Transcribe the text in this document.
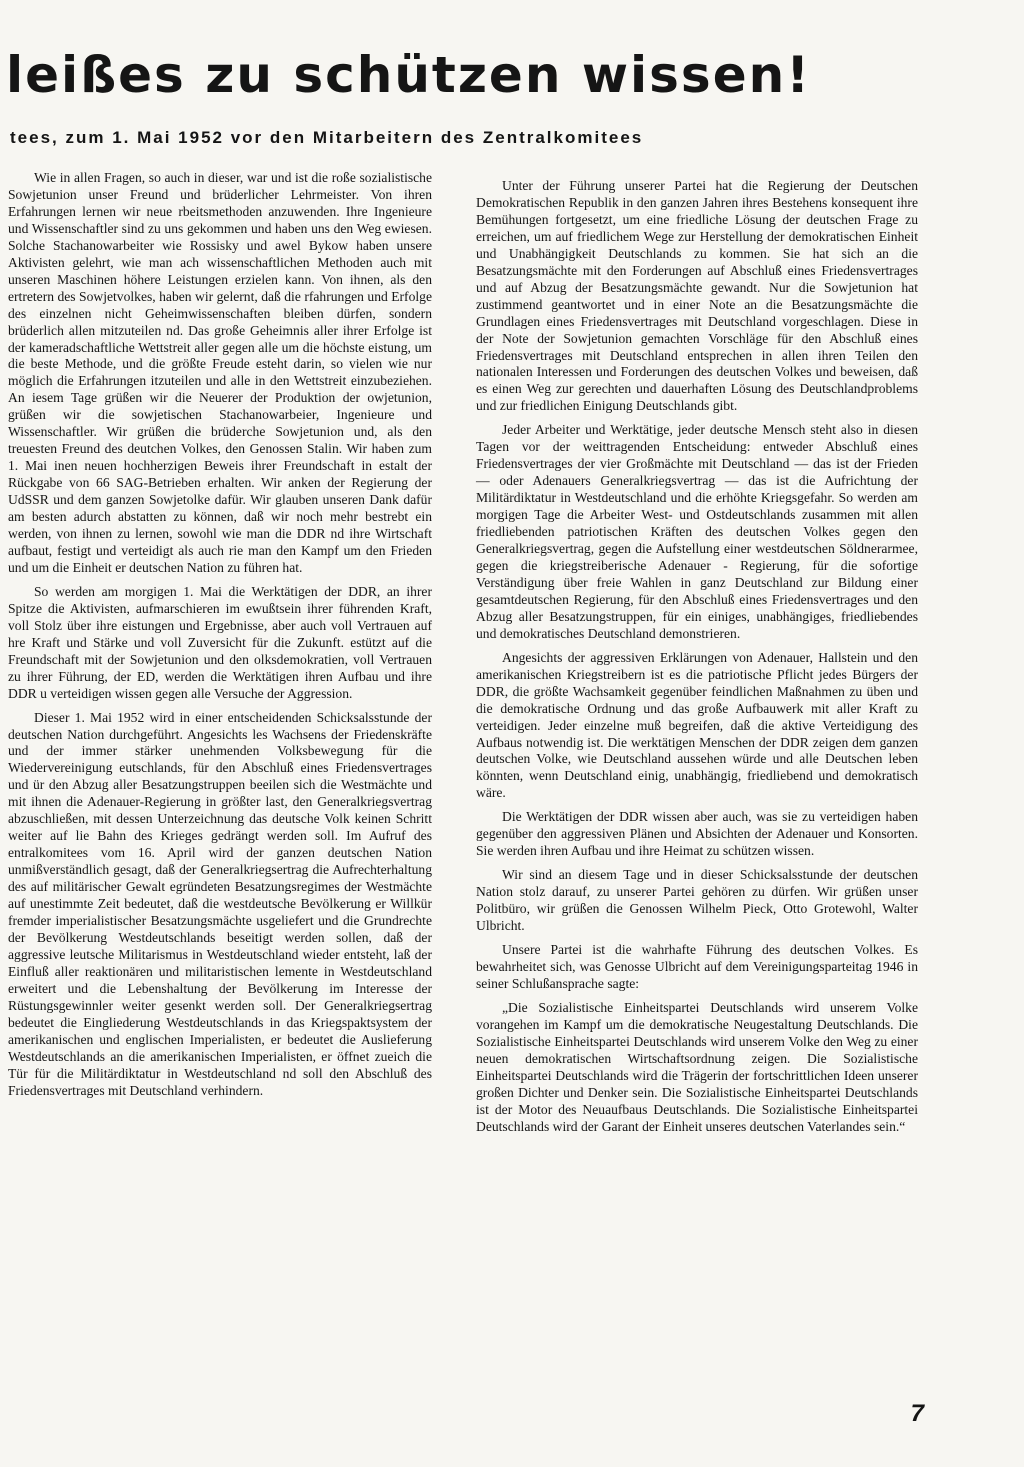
leißes zu schützen wissen!
tees, zum 1. Mai 1952 vor den Mitarbeitern des Zentralkomitees

Wie in allen Fragen, so auch in dieser, war und ist die roße sozialistische Sowjetunion unser Freund und brüderlicher Lehrmeister. Von ihren Erfahrungen lernen wir neue rbeitsmethoden anzuwenden. Ihre Ingenieure und Wissenschaftler sind zu uns gekommen und haben uns den Weg ewiesen. Solche Stachanowarbeiter wie Rossisky und awel Bykow haben unsere Aktivisten gelehrt, wie man ach wissenschaftlichen Methoden auch mit unseren Maschinen höhere Leistungen erzielen kann. Von ihnen, als den ertretern des Sowjetvolkes, haben wir gelernt, daß die rfahrungen und Erfolge des einzelnen nicht Geheimwissenschaften bleiben dürfen, sondern brüderlich allen mitzuteilen nd. Das große Geheimnis aller ihrer Erfolge ist der kameradschaftliche Wettstreit aller gegen alle um die höchste eistung, um die beste Methode, und die größte Freude esteht darin, so vielen wie nur möglich die Erfahrungen itzuteilen und alle in den Wettstreit einzubeziehen. An iesem Tage grüßen wir die Neuerer der Produktion der owjetunion, grüßen wir die sowjetischen Stachanowarbeier, Ingenieure und Wissenschaftler. Wir grüßen die brüderche Sowjetunion und, als den treuesten Freund des deutchen Volkes, den Genossen Stalin. Wir haben zum 1. Mai inen neuen hochherzigen Beweis ihrer Freundschaft in estalt der Rückgabe von 66 SAG-Betrieben erhalten. Wir anken der Regierung der UdSSR und dem ganzen Sowjetolke dafür. Wir glauben unseren Dank dafür am besten adurch abstatten zu können, daß wir noch mehr bestrebt ein werden, von ihnen zu lernen, sowohl wie man die DDR nd ihre Wirtschaft aufbaut, festigt und verteidigt als auch rie man den Kampf um den Frieden und um die Einheit er deutschen Nation zu führen hat.

So werden am morgigen 1. Mai die Werktätigen der DDR, an ihrer Spitze die Aktivisten, aufmarschieren im ewußtsein ihrer führenden Kraft, voll Stolz über ihre eistungen und Ergebnisse, aber auch voll Vertrauen auf hre Kraft und Stärke und voll Zuversicht für die Zukunft. estützt auf die Freundschaft mit der Sowjetunion und den olksdemokratien, voll Vertrauen zu ihrer Führung, der ED, werden die Werktätigen ihren Aufbau und ihre DDR u verteidigen wissen gegen alle Versuche der Aggression.

Dieser 1. Mai 1952 wird in einer entscheidenden Schicksalsstunde der deutschen Nation durchgeführt. Angesichts les Wachsens der Friedenskräfte und der immer stärker unehmenden Volksbewegung für die Wiedervereinigung eutschlands, für den Abschluß eines Friedensvertrages und ür den Abzug aller Besatzungstruppen beeilen sich die Westmächte und mit ihnen die Adenauer-Regierung in größter last, den Generalkriegsvertrag abzuschließen, mit dessen Unterzeichnung das deutsche Volk keinen Schritt weiter auf lie Bahn des Krieges gedrängt werden soll. Im Aufruf des entralkomitees vom 16. April wird der ganzen deutschen Nation unmißverständlich gesagt, daß der Generalkriegsertrag die Aufrechterhaltung des auf militärischer Gewalt egründeten Besatzungsregimes der Westmächte auf unestimmte Zeit bedeutet, daß die westdeutsche Bevölkerung er Willkür fremder imperialistischer Besatzungsmächte usgeliefert und die Grundrechte der Bevölkerung Westdeutschlands beseitigt werden sollen, daß der aggressive leutsche Militarismus in Westdeutschland wieder entsteht, laß der Einfluß aller reaktionären und militaristischen lemente in Westdeutschland erweitert und die Lebenshaltung der Bevölkerung im Interesse der Rüstungsgewinnler weiter gesenkt werden soll. Der Generalkriegsertrag bedeutet die Eingliederung Westdeutschlands in das Kriegspaktsystem der amerikanischen und englischen Imperialisten, er bedeutet die Auslieferung Westdeutschlands an die amerikanischen Imperialisten, er öffnet zueich die Tür für die Militärdiktatur in Westdeutschland nd soll den Abschluß des Friedensvertrages mit Deutschland verhindern.

Unter der Führung unserer Partei hat die Regierung der Deutschen Demokratischen Republik in den ganzen Jahren ihres Bestehens konsequent ihre Bemühungen fortgesetzt, um eine friedliche Lösung der deutschen Frage zu erreichen, um auf friedlichem Wege zur Herstellung der demokratischen Einheit und Unabhängigkeit Deutschlands zu kommen. Sie hat sich an die Besatzungsmächte mit den Forderungen auf Abschluß eines Friedensvertrages und auf Abzug der Besatzungsmächte gewandt. Nur die Sowjetunion hat zustimmend geantwortet und in einer Note an die Besatzungsmächte die Grundlagen eines Friedensvertrages mit Deutschland vorgeschlagen. Diese in der Note der Sowjetunion gemachten Vorschläge für den Abschluß eines Friedensvertrages mit Deutschland entsprechen in allen ihren Teilen den nationalen Interessen und Forderungen des deutschen Volkes und beweisen, daß es einen Weg zur gerechten und dauerhaften Lösung des Deutschlandproblems und zur friedlichen Einigung Deutschlands gibt.

Jeder Arbeiter und Werktätige, jeder deutsche Mensch steht also in diesen Tagen vor der weittragenden Entscheidung: entweder Abschluß eines Friedensvertrages der vier Großmächte mit Deutschland — das ist der Frieden — oder Adenauers Generalkriegsvertrag — das ist die Aufrichtung der Militärdiktatur in Westdeutschland und die erhöhte Kriegsgefahr. So werden am morgigen Tage die Arbeiter West- und Ostdeutschlands zusammen mit allen friedliebenden patriotischen Kräften des deutschen Volkes gegen den Generalkriegsvertrag, gegen die Aufstellung einer westdeutschen Söldnerarmee, gegen die kriegstreiberische Adenauer - Regierung, für die sofortige Verständigung über freie Wahlen in ganz Deutschland zur Bildung einer gesamtdeutschen Regierung, für den Abschluß eines Friedensvertrages und den Abzug aller Besatzungstruppen, für ein einiges, unabhängiges, friedliebendes und demokratisches Deutschland demonstrieren.

Angesichts der aggressiven Erklärungen von Adenauer, Hallstein und den amerikanischen Kriegstreibern ist es die patriotische Pflicht jedes Bürgers der DDR, die größte Wachsamkeit gegenüber feindlichen Maßnahmen zu üben und die demokratische Ordnung und das große Aufbauwerk mit aller Kraft zu verteidigen. Jeder einzelne muß begreifen, daß die aktive Verteidigung des Aufbaus notwendig ist. Die werktätigen Menschen der DDR zeigen dem ganzen deutschen Volke, wie Deutschland aussehen würde und alle Deutschen leben könnten, wenn Deutschland einig, unabhängig, friedliebend und demokratisch wäre.

Die Werktätigen der DDR wissen aber auch, was sie zu verteidigen haben gegenüber den aggressiven Plänen und Absichten der Adenauer und Konsorten. Sie werden ihren Aufbau und ihre Heimat zu schützen wissen.

Wir sind an diesem Tage und in dieser Schicksalsstunde der deutschen Nation stolz darauf, zu unserer Partei gehören zu dürfen. Wir grüßen unser Politbüro, wir grüßen die Genossen Wilhelm Pieck, Otto Grotewohl, Walter Ulbricht.

Unsere Partei ist die wahrhafte Führung des deutschen Volkes. Es bewahrheitet sich, was Genosse Ulbricht auf dem Vereinigungsparteitag 1946 in seiner Schlußansprache sagte:

„Die Sozialistische Einheitspartei Deutschlands wird unserem Volke vorangehen im Kampf um die demokratische Neugestaltung Deutschlands. Die Sozialistische Einheitspartei Deutschlands wird unserem Volke den Weg zu einer neuen demokratischen Wirtschaftsordnung zeigen. Die Sozialistische Einheitspartei Deutschlands wird die Trägerin der fortschrittlichen Ideen unserer großen Dichter und Denker sein. Die Sozialistische Einheitspartei Deutschlands ist der Motor des Neuaufbaus Deutschlands. Die Sozialistische Einheitspartei Deutschlands wird der Garant der Einheit unseres deutschen Vaterlandes sein.“

7
